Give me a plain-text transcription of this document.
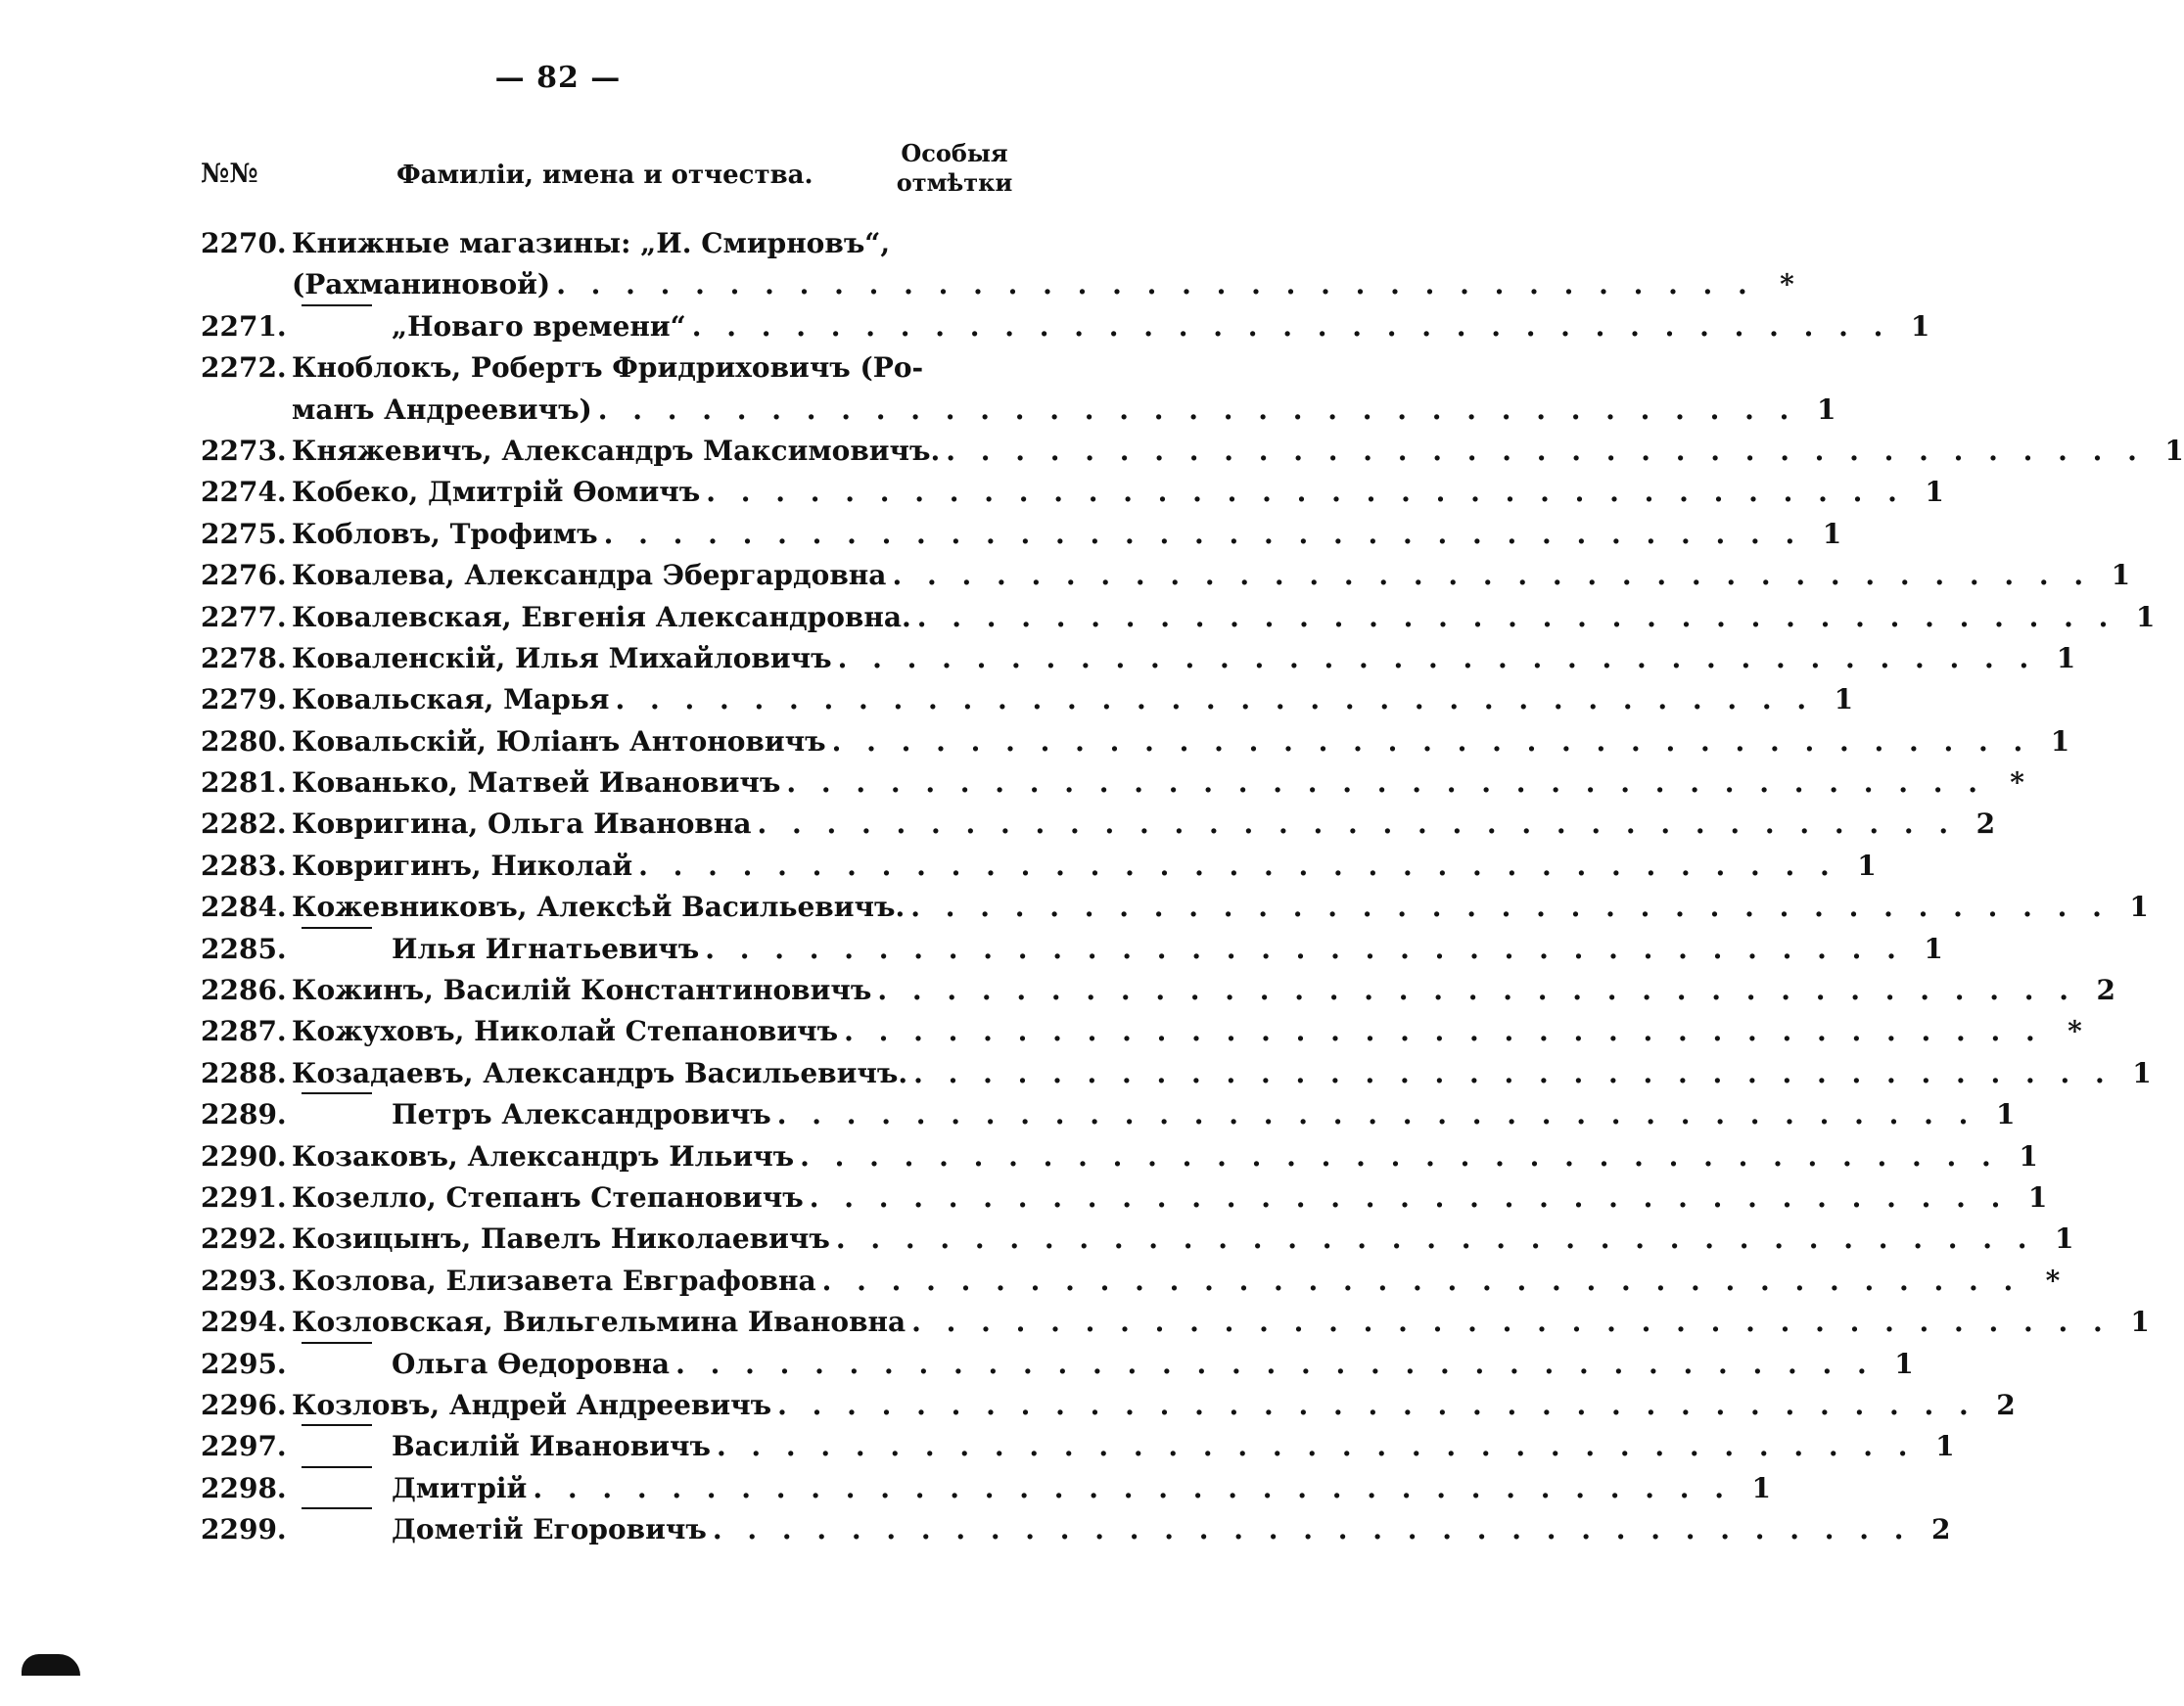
— 82 —
№№	Фамиліи, имена и отчества.
Особыя
отмѣтки
2270. Книжные магазины: „И. Смирновъ“,
(Рахманиновой) . . . . . . . . . . . . . . . . . . . . . . . . . . . . . . . . . . . *
2271.	„Новаго времени“ . . . . . . . . . . . . . . . . . . . . . . . . . . . . . . . . . . . 1
2272. Кноблокъ, Робертъ Фридриховичъ (Ро-
манъ Андреевичъ) . . . . . . . . . . . . . . . . . . . . . . . . . . . . . . . . . . . 1
2273. Княжевичъ, Александръ Максимовичъ. . . . . . . . . . . . . . . . . . . . . . . . . . . . . . . . . . . . 1
2274. Кобеко, Дмитрій Ѳомичъ . . . . . . . . . . . . . . . . . . . . . . . . . . . . . . . . . . . 1
2275. Кобловъ, Трофимъ . . . . . . . . . . . . . . . . . . . . . . . . . . . . . . . . . . . 1
2276. Ковалева, Александра Эбергардовна . . . . . . . . . . . . . . . . . . . . . . . . . . . . . . . . . . . 1
2277. Ковалевская, Евгенія Александровна. . . . . . . . . . . . . . . . . . . . . . . . . . . . . . . . . . . . 1
2278. Коваленскій, Илья Михайловичъ . . . . . . . . . . . . . . . . . . . . . . . . . . . . . . . . . . . 1
2279. Ковальская, Марья . . . . . . . . . . . . . . . . . . . . . . . . . . . . . . . . . . . 1
2280. Ковальскій, Юліанъ Антоновичъ . . . . . . . . . . . . . . . . . . . . . . . . . . . . . . . . . . . 1
2281. Кованько, Матвей Ивановичъ . . . . . . . . . . . . . . . . . . . . . . . . . . . . . . . . . . . *
2282. Ковригина, Ольга Ивановна . . . . . . . . . . . . . . . . . . . . . . . . . . . . . . . . . . . 2
2283. Ковригинъ, Николай . . . . . . . . . . . . . . . . . . . . . . . . . . . . . . . . . . . 1
2284. Кожевниковъ, Алексѣй Васильевичъ. . . . . . . . . . . . . . . . . . . . . . . . . . . . . . . . . . . . 1
2285.	Илья Игнатьевичъ . . . . . . . . . . . . . . . . . . . . . . . . . . . . . . . . . . . 1
2286. Кожинъ, Василій Константиновичъ . . . . . . . . . . . . . . . . . . . . . . . . . . . . . . . . . . . 2
2287. Кожуховъ, Николай Степановичъ . . . . . . . . . . . . . . . . . . . . . . . . . . . . . . . . . . . *
2288. Козадаевъ, Александръ Васильевичъ. . . . . . . . . . . . . . . . . . . . . . . . . . . . . . . . . . . . 1
2289.	Петръ Александровичъ . . . . . . . . . . . . . . . . . . . . . . . . . . . . . . . . . . . 1
2290. Козаковъ, Александръ Ильичъ . . . . . . . . . . . . . . . . . . . . . . . . . . . . . . . . . . . 1
2291. Козелло, Степанъ Степановичъ . . . . . . . . . . . . . . . . . . . . . . . . . . . . . . . . . . . 1
2292. Козицынъ, Павелъ Николаевичъ . . . . . . . . . . . . . . . . . . . . . . . . . . . . . . . . . . . 1
2293. Козлова, Елизавета Евграфовна . . . . . . . . . . . . . . . . . . . . . . . . . . . . . . . . . . . *
2294. Козловская, Вильгельмина Ивановна . . . . . . . . . . . . . . . . . . . . . . . . . . . . . . . . . . . 1
2295.	Ольга Ѳедоровна . . . . . . . . . . . . . . . . . . . . . . . . . . . . . . . . . . . 1
2296. Козловъ, Андрей Андреевичъ . . . . . . . . . . . . . . . . . . . . . . . . . . . . . . . . . . . 2
2297.	Василій Ивановичъ . . . . . . . . . . . . . . . . . . . . . . . . . . . . . . . . . . . 1
2298.	Дмитрій . . . . . . . . . . . . . . . . . . . . . . . . . . . . . . . . . . . 1
2299.	Дометій Егоровичъ . . . . . . . . . . . . . . . . . . . . . . . . . . . . . . . . . . . 2
